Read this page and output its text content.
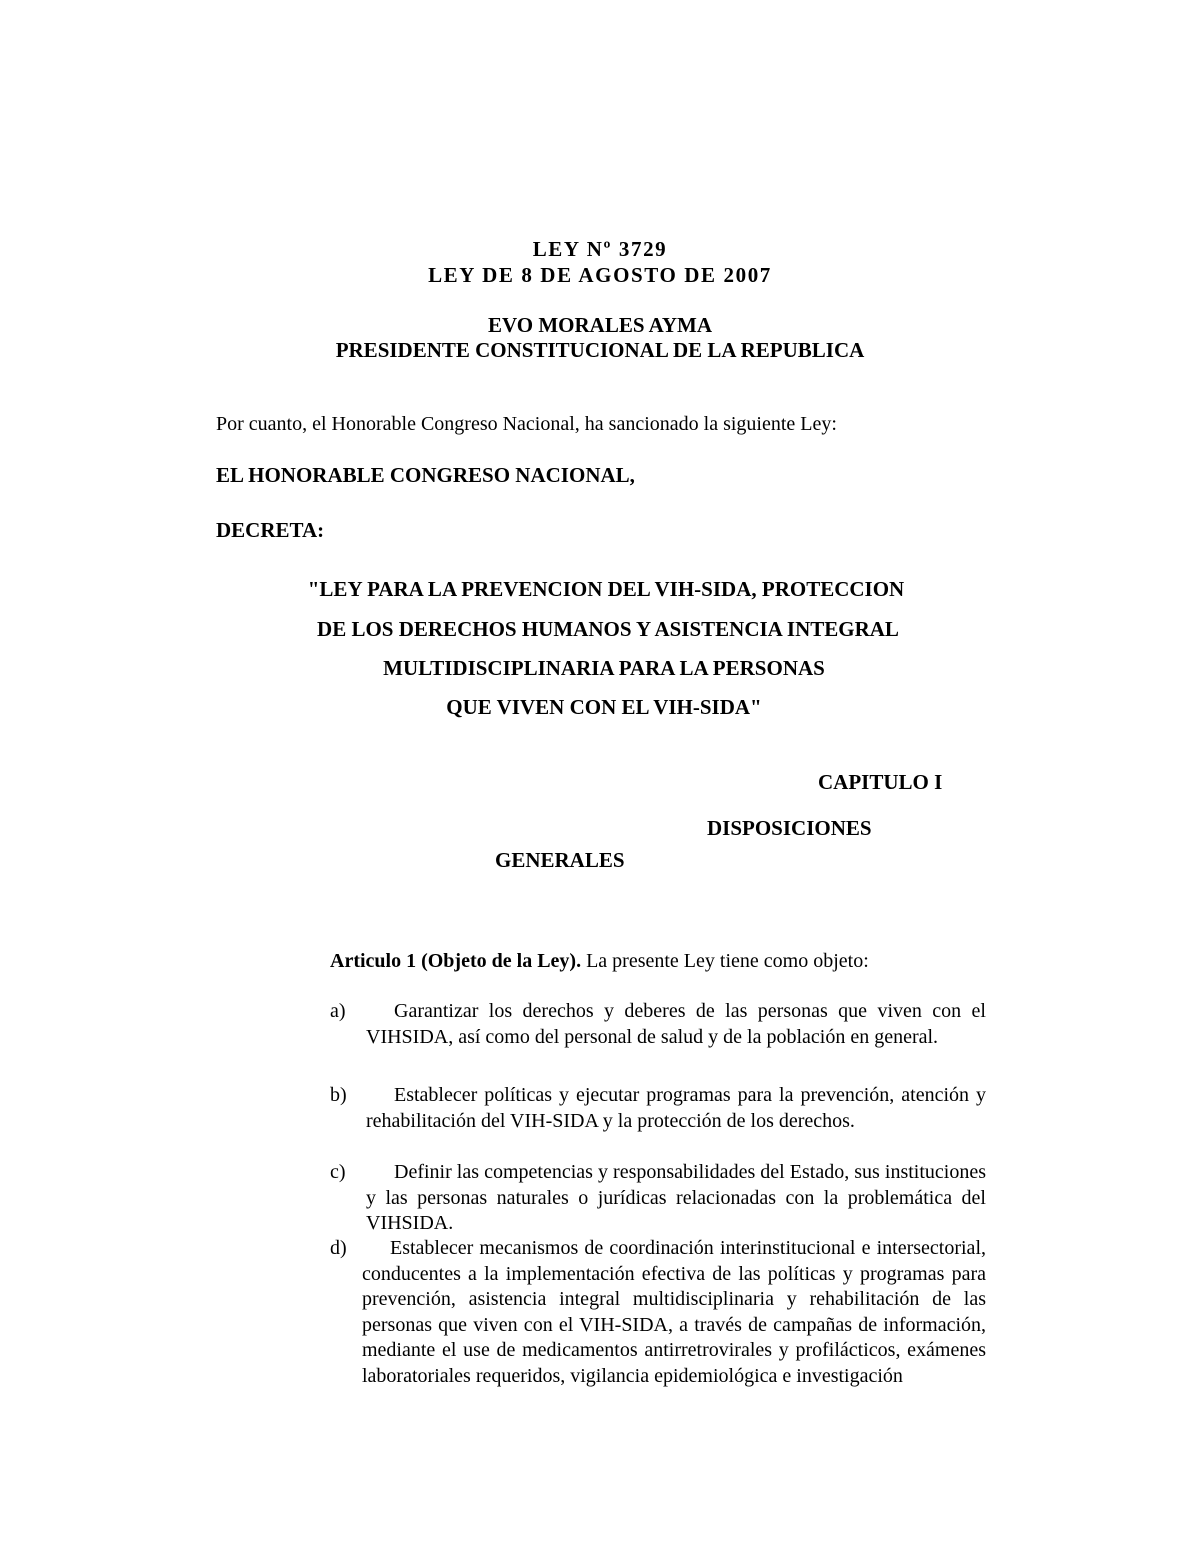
LEY Nº 3729
LEY DE 8 DE AGOSTO DE 2007
EVO MORALES AYMA
PRESIDENTE CONSTITUCIONAL DE LA REPUBLICA
Por cuanto, el Honorable Congreso Nacional, ha sancionado la siguiente Ley:
EL HONORABLE CONGRESO NACIONAL,
DECRETA:
"LEY PARA LA PREVENCION DEL VIH-SIDA, PROTECCION
DE LOS DERECHOS HUMANOS Y ASISTENCIA INTEGRAL
MULTIDISCIPLINARIA PARA LA PERSONAS
QUE VIVEN CON EL VIH-SIDA"
CAPITULO I
DISPOSICIONES
GENERALES
Articulo 1 (Objeto de la Ley). La presente Ley tiene como objeto:
a)	Garantizar los derechos y deberes de las personas que viven con el VIHSIDA, así como del personal de salud y de la población en general.
b)	Establecer políticas y ejecutar programas para la prevención, atención y rehabilitación del VIH-SIDA y la protección de los derechos.
c)	Definir las competencias y responsabilidades del Estado, sus instituciones y las personas naturales o jurídicas relacionadas con la problemática del VIHSIDA.
d)	Establecer mecanismos de coordinación interinstitucional e intersectorial, conducentes a la implementación efectiva de las políticas y programas para prevención, asistencia integral multidisciplinaria y rehabilitación de las personas que viven con el VIH-SIDA, a través de campañas de información, mediante el use de medicamentos antirretrovirales y profilácticos, exámenes laboratoriales requeridos, vigilancia epidemiológica e investigación
